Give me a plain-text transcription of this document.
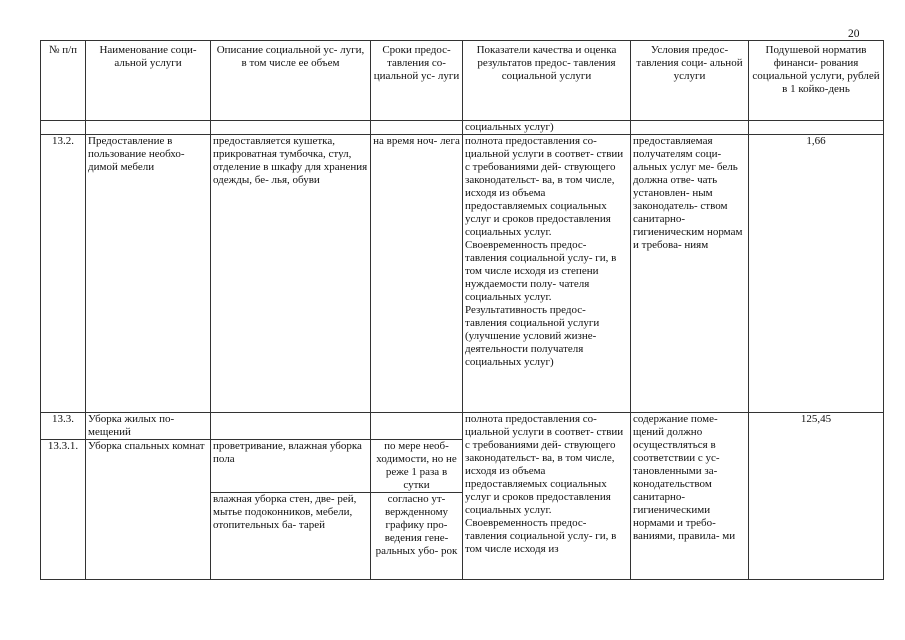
20
№ п/п	Наименование соци- альной услуги	Описание социальной ус- луги, в том числе ее объем	Сроки предос- тавления со- циальной ус- луги	Показатели качества и оценка результатов предос- тавления социальной услуги	Условия предос- тавления соци- альной услуги	Подушевой норматив финанси- рования социальной услуги, рублей в 1 койко-день
				социальных услуг)		
13.2.	Предоставление в пользование необхо- димой мебели	предоставляется кушетка, прикроватная тумбочка, стул, отделение в шкафу для хранения одежды, бе- лья, обуви	на время ноч- лега	полнота предоставления со- циальной услуги в соответ- ствии с требованиями дей- ствующего законодательст- ва, в том числе, исходя из объема предоставляемых социальных услуг и сроков предоставления социальных услуг. Своевременность предос- тавления социальной услу- ги, в том числе исходя из степени нуждаемости полу- чателя социальных услуг. Результативность предос- тавления социальной услуги (улучшение условий жизне- деятельности получателя социальных услуг)	предоставляемая получателям соци- альных услуг ме- бель должна отве- чать установлен- ным законодатель- ством санитарно- гигиеническим нормам и требова- ниям	1,66
13.3.	Уборка жилых по- мещений			полнота предоставления со- циальной услуги в соответ- ствии с требованиями дей- ствующего законодательст- ва, в том числе, исходя из объема предоставляемых социальных услуг и сроков предоставления социальных услуг. Своевременность предос- тавления социальной услу- ги, в том числе исходя из	содержание поме- щений должно осуществляться в соответствии с ус- тановленными за- конодательством санитарно- гигиеническими нормами и требо- ваниями, правила- ми	125,45
13.3.1.	Уборка спальных комнат	проветривание, влажная уборка пола	по мере необ- ходимости, но не реже 1 раза в сутки			
		влажная уборка стен, две- рей, мытье подоконников, мебели, отопительных ба- тарей	согласно ут- вержденному графику про- ведения гене- ральных убо- рок			
